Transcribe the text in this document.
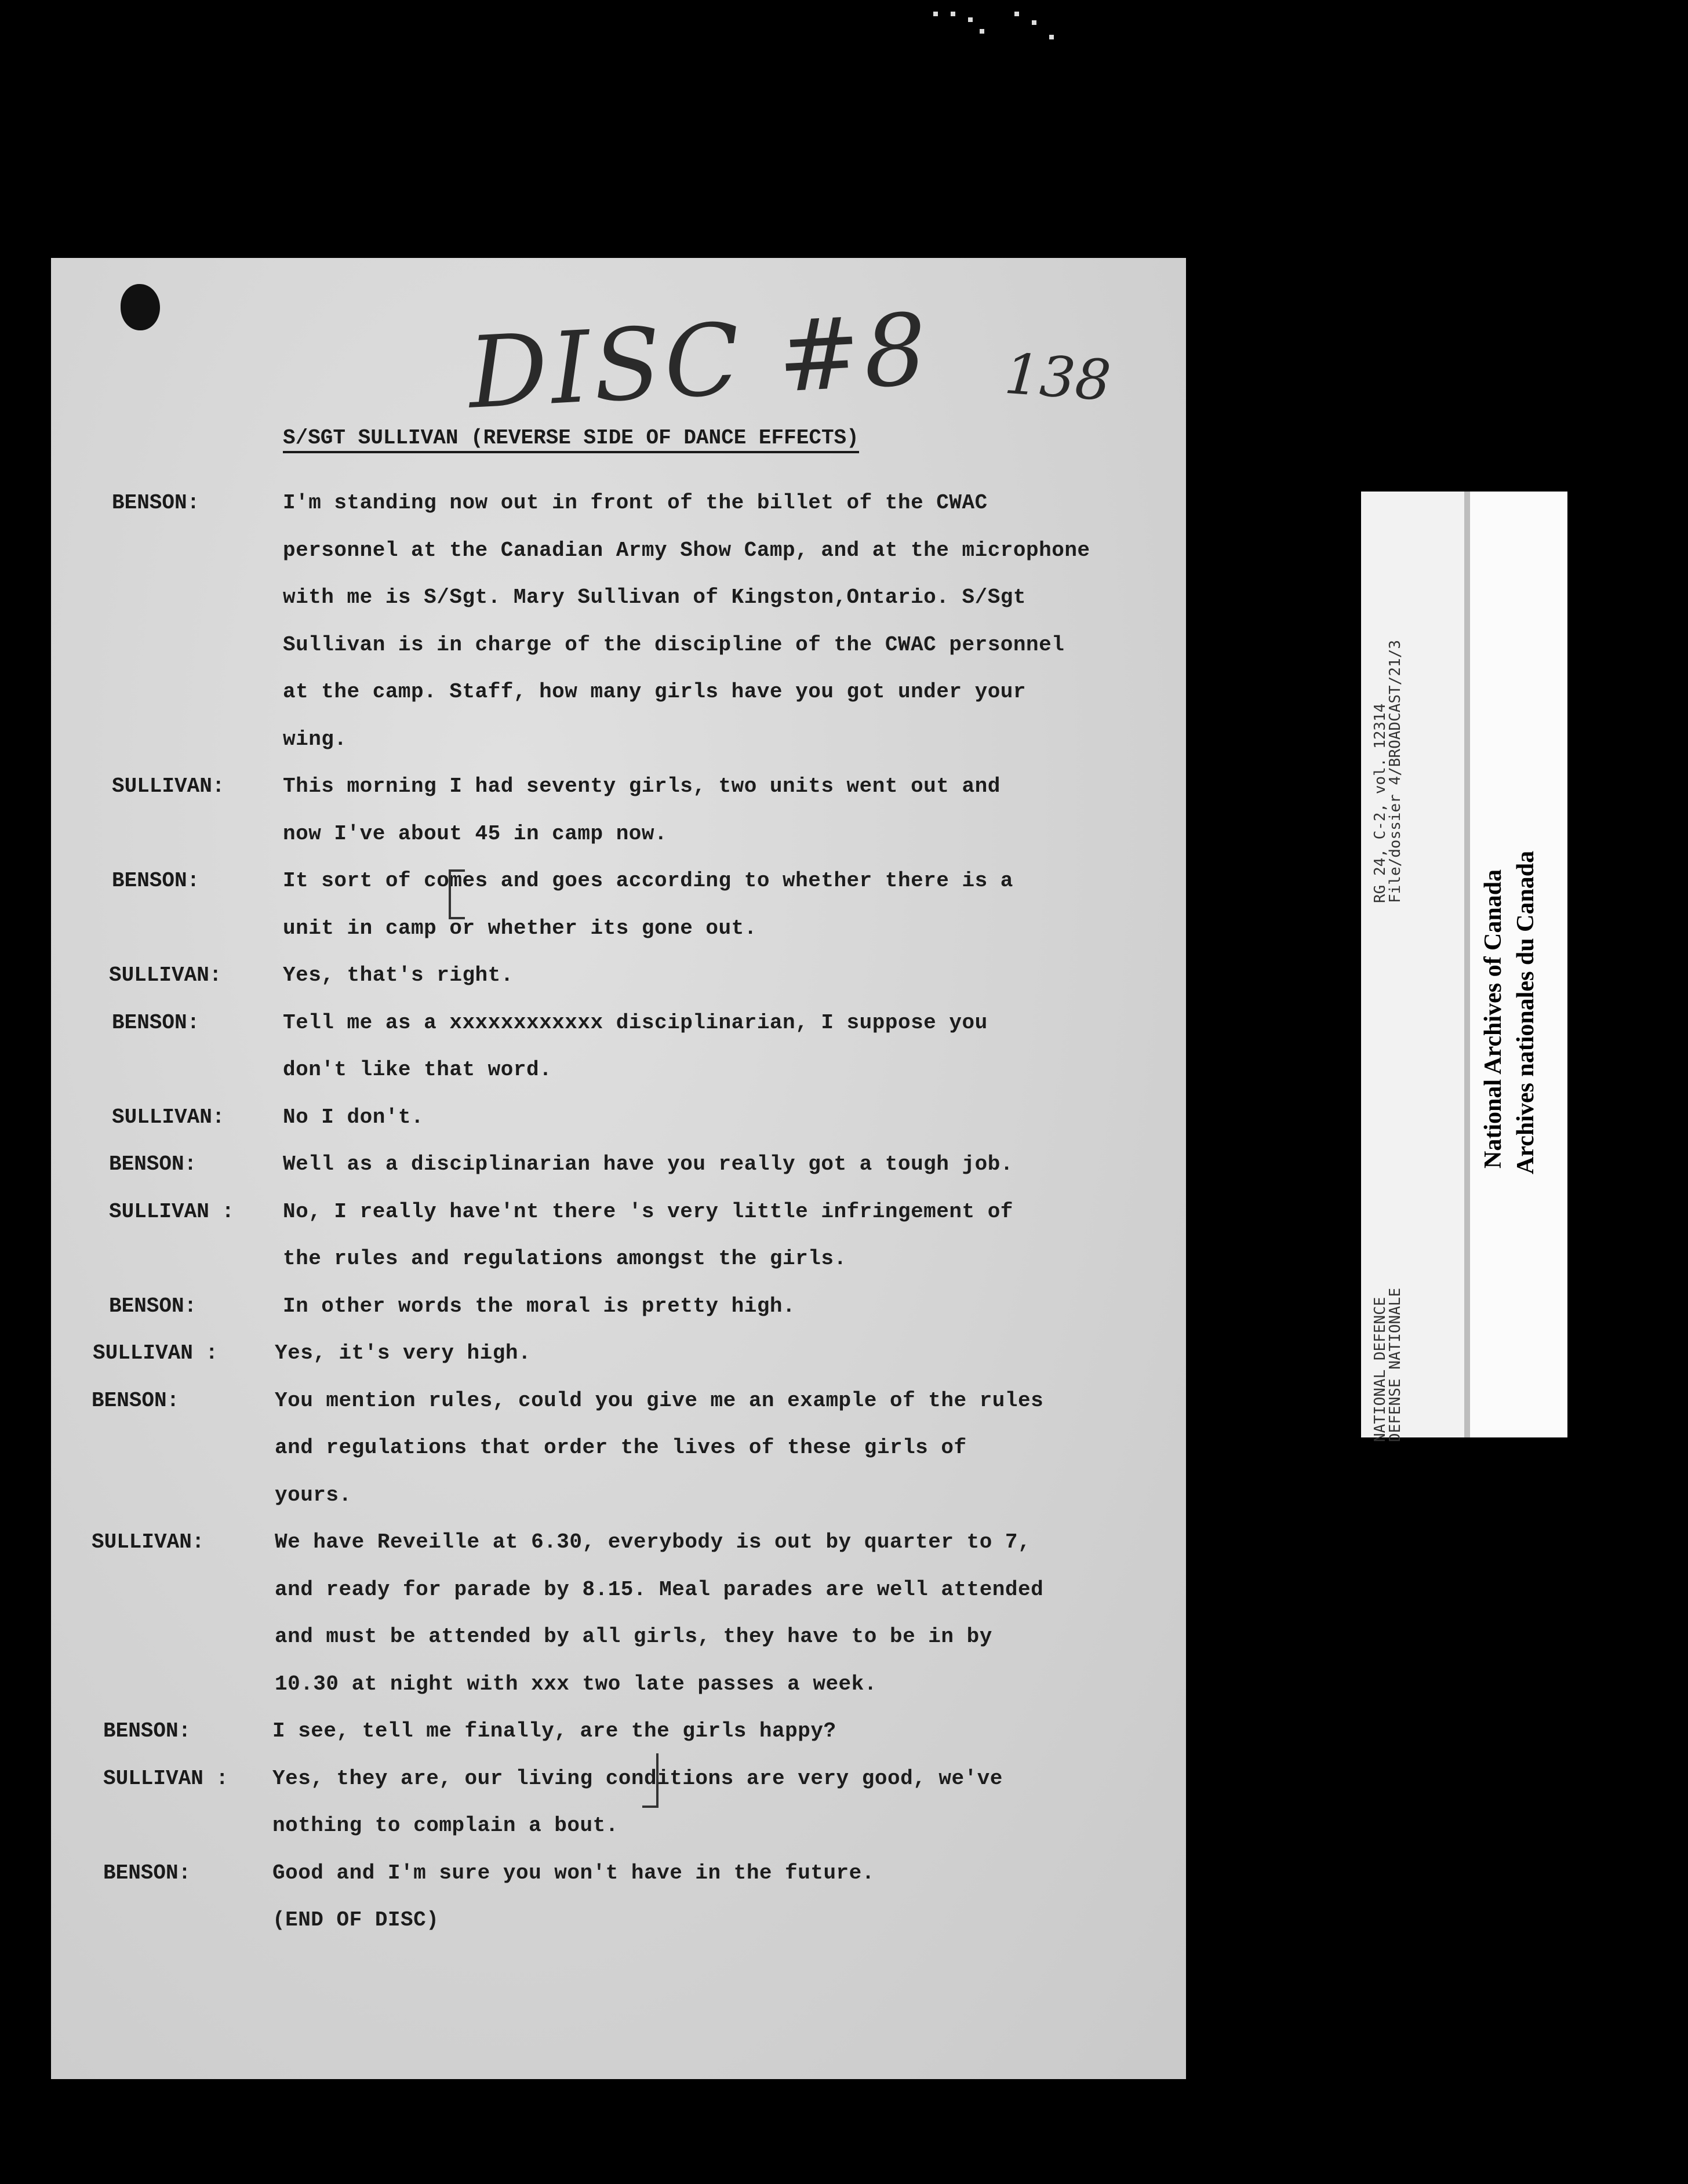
DISC #8 138
S/SGT SULLIVAN (REVERSE SIDE OF DANCE EFFECTS)
BENSON:	I'm standing now out in front of the billet of the CWAC
personnel at the Canadian Army Show Camp, and at the microphone
with me is S/Sgt. Mary Sullivan of Kingston,Ontario. S/Sgt
Sullivan is in charge of the discipline of the CWAC personnel
at the camp. Staff, how many girls have you got under your
wing.
SULLIVAN:	This morning I had seventy girls, two units went out and
now I've about 45 in camp now.
BENSON:	It sort of comes and goes according to whether there is a
unit in camp or whether its gone out.
SULLIVAN:	Yes, that's right.
BENSON:	Tell me as a xxxxxxxxxxxx disciplinarian, I suppose you
don't like that word.
SULLIVAN:	No I don't.
BENSON:	Well as a disciplinarian have you really got a tough job.
SULLIVAN : No, I really have'nt there 's very little infringement of
the rules and regulations amongst the girls.
BENSON:	In other words the moral is pretty high.
SULLIVAN :	Yes, it's very high.
BENSON:	You mention rules, could you give me an example of the rules
and regulations that order the lives of these girls of
yours.
SULLIVAN:	We have Reveille at 6.30, everybody is out by quarter to 7,
and ready for parade by 8.15. Meal parades are well attended
and must be attended by all girls, they have to be in by
10.30 at night with xxx two late passes a week.
BENSON:	I see, tell me finally, are the girls happy?
SULLIVAN : Yes, they are, our living conditions are very good, we've
nothing to complain a bout.
BENSON:	Good and I'm sure you won't have in the future.
(END OF DISC)
NATIONAL DEFENCE
DEFENSE NATIONALE
RG 24, C-2, vol. 12314
File/dossier 4/BROADCAST/21/3
National Archives of Canada Archives nationales du Canada
